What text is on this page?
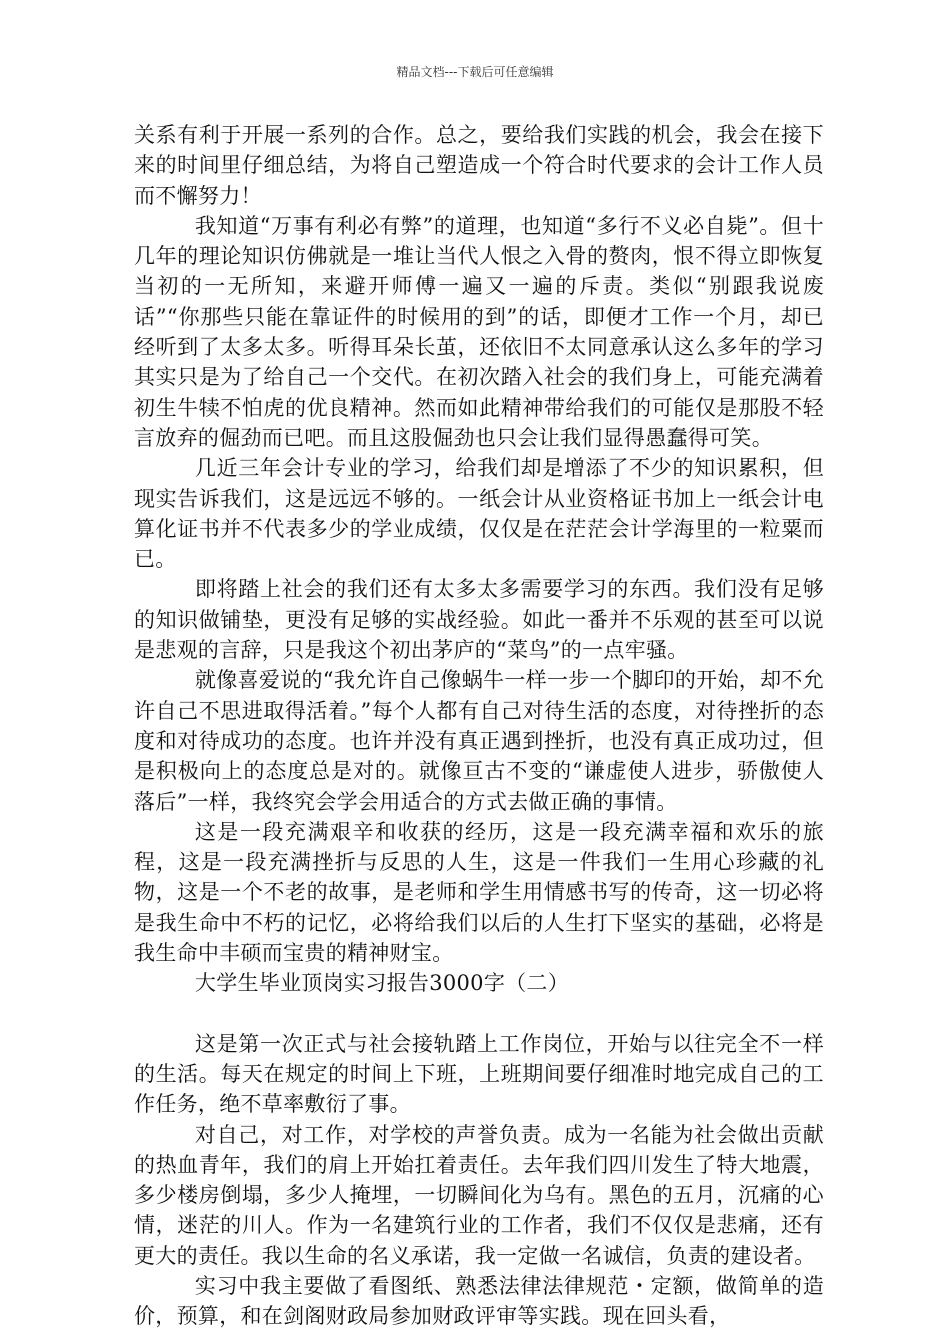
精品文档---下载后可任意编辑

关系有利于开展一系列的合作。总之，要给我们实践的机会，我会在接下来的时间里仔细总结，为将自己塑造成一个符合时代要求的会计工作人员而不懈努力！

我知道“万事有利必有弊”的道理，也知道“多行不义必自毙”。但十几年的理论知识仿佛就是一堆让当代人恨之入骨的赘肉，恨不得立即恢复当初的一无所知，来避开师傅一遍又一遍的斥责。类似“别跟我说废话”“你那些只能在靠证件的时候用的到”的话，即便才工作一个月，却已经听到了太多太多。听得耳朵长茧，还依旧不太同意承认这么多年的学习其实只是为了给自己一个交代。在初次踏入社会的我们身上，可能充满着初生牛犊不怕虎的优良精神。然而如此精神带给我们的可能仅是那股不轻言放弃的倔劲而已吧。而且这股倔劲也只会让我们显得愚蠢得可笑。

几近三年会计专业的学习，给我们却是增添了不少的知识累积，但现实告诉我们，这是远远不够的。一纸会计从业资格证书加上一纸会计电算化证书并不代表多少的学业成绩，仅仅是在茫茫会计学海里的一粒粟而已。

即将踏上社会的我们还有太多太多需要学习的东西。我们没有足够的知识做铺垫，更没有足够的实战经验。如此一番并不乐观的甚至可以说是悲观的言辞，只是我这个初出茅庐的“菜鸟”的一点牢骚。

就像喜爱说的“我允许自己像蜗牛一样一步一个脚印的开始，却不允许自己不思进取得活着。”每个人都有自己对待生活的态度，对待挫折的态度和对待成功的态度。也许并没有真正遇到挫折，也没有真正成功过，但是积极向上的态度总是对的。就像亘古不变的“谦虚使人进步，骄傲使人落后”一样，我终究会学会用适合的方式去做正确的事情。

这是一段充满艰辛和收获的经历，这是一段充满幸福和欢乐的旅程，这是一段充满挫折与反思的人生，这是一件我们一生用心珍藏的礼物，这是一个不老的故事，是老师和学生用情感书写的传奇，这一切必将是我生命中不朽的记忆，必将给我们以后的人生打下坚实的基础，必将是我生命中丰硕而宝贵的精神财宝。

大学生毕业顶岗实习报告3000字（二）

这是第一次正式与社会接轨踏上工作岗位，开始与以往完全不一样的生活。每天在规定的时间上下班，上班期间要仔细准时地完成自己的工作任务，绝不草率敷衍了事。

对自己，对工作，对学校的声誉负责。成为一名能为社会做出贡献的热血青年，我们的肩上开始扛着责任。去年我们四川发生了特大地震，多少楼房倒塌，多少人掩埋，一切瞬间化为乌有。黑色的五月，沉痛的心情，迷茫的川人。作为一名建筑行业的工作者，我们不仅仅是悲痛，还有更大的责任。我以生命的名义承诺，我一定做一名诚信，负责的建设者。

实习中我主要做了看图纸、熟悉法律法律规范・定额，做简单的造价，预算，和在剑阁财政局参加财政评审等实践。现在回头看，
